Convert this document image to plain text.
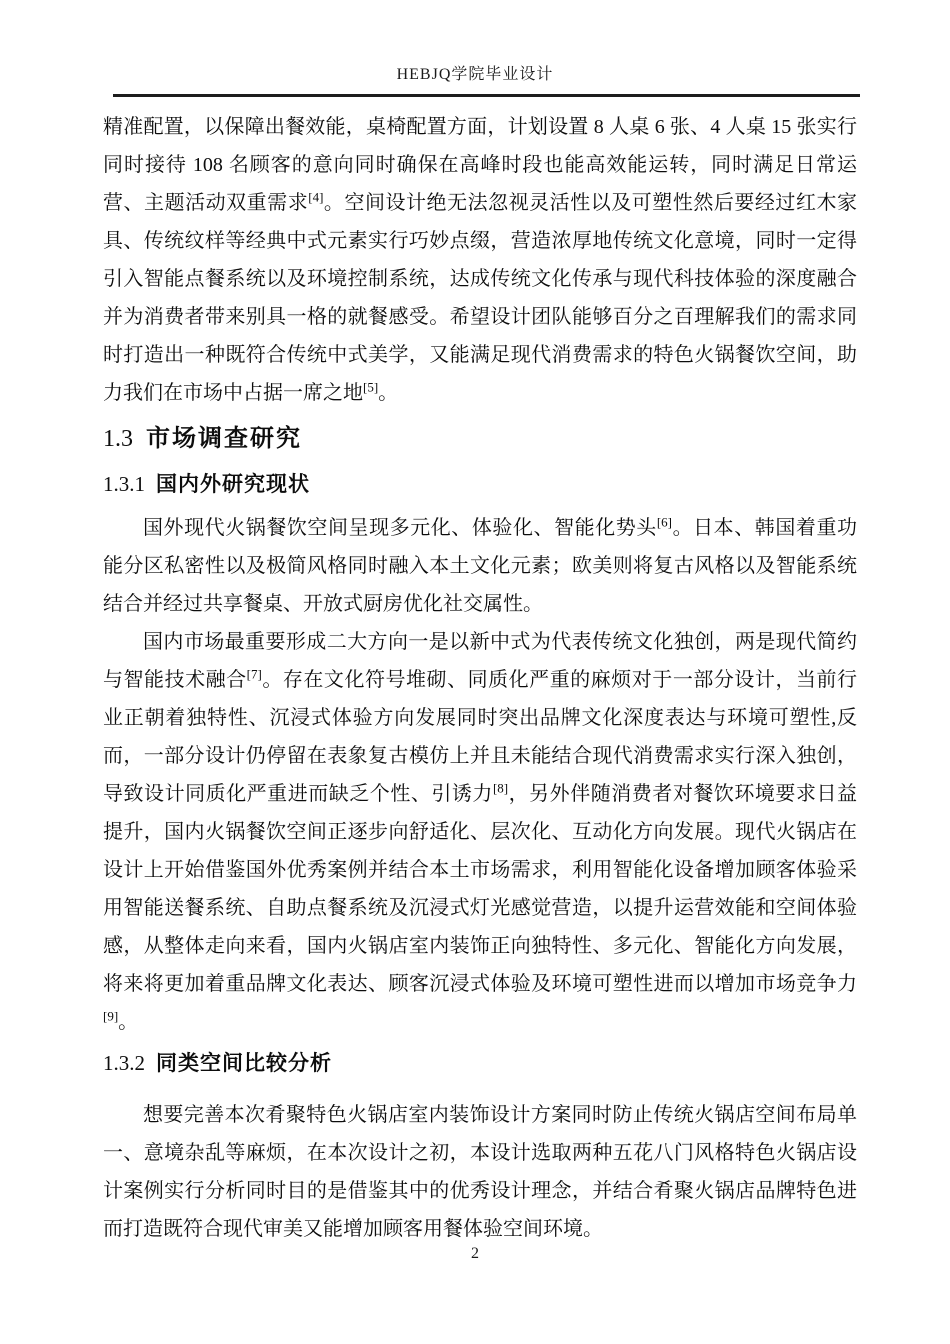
HEBJQ学院毕业设计

精准配置，以保障出餐效能，桌椅配置方面，计划设置 8 人桌 6 张、4 人桌 15 张实行同时接待 108 名顾客的意向同时确保在高峰时段也能高效能运转，同时满足日常运营、主题活动双重需求[4]。空间设计绝无法忽视灵活性以及可塑性然后要经过红木家具、传统纹样等经典中式元素实行巧妙点缀，营造浓厚地传统文化意境，同时一定得引入智能点餐系统以及环境控制系统，达成传统文化传承与现代科技体验的深度融合并为消费者带来别具一格的就餐感受。希望设计团队能够百分之百理解我们的需求同时打造出一种既符合传统中式美学，又能满足现代消费需求的特色火锅餐饮空间，助力我们在市场中占据一席之地[5]。

1.3 市场调查研究
1.3.1 国内外研究现状

国外现代火锅餐饮空间呈现多元化、体验化、智能化势头[6]。日本、韩国着重功能分区私密性以及极简风格同时融入本土文化元素；欧美则将复古风格以及智能系统结合并经过共享餐桌、开放式厨房优化社交属性。

国内市场最重要形成二大方向一是以新中式为代表传统文化独创，两是现代简约与智能技术融合[7]。存在文化符号堆砌、同质化严重的麻烦对于一部分设计，当前行业正朝着独特性、沉浸式体验方向发展同时突出品牌文化深度表达与环境可塑性,反而，一部分设计仍停留在表象复古模仿上并且未能结合现代消费需求实行深入独创，导致设计同质化严重进而缺乏个性、引诱力[8]，另外伴随消费者对餐饮环境要求日益提升，国内火锅餐饮空间正逐步向舒适化、层次化、互动化方向发展。现代火锅店在设计上开始借鉴国外优秀案例并结合本土市场需求，利用智能化设备增加顾客体验采用智能送餐系统、自助点餐系统及沉浸式灯光感觉营造，以提升运营效能和空间体验感，从整体走向来看，国内火锅店室内装饰正向独特性、多元化、智能化方向发展，将来将更加着重品牌文化表达、顾客沉浸式体验及环境可塑性进而以增加市场竞争力[9]。

1.3.2 同类空间比较分析

想要完善本次肴聚特色火锅店室内装饰设计方案同时防止传统火锅店空间布局单一、意境杂乱等麻烦，在本次设计之初，本设计选取两种五花八门风格特色火锅店设计案例实行分析同时目的是借鉴其中的优秀设计理念，并结合肴聚火锅店品牌特色进而打造既符合现代审美又能增加顾客用餐体验空间环境。

2
